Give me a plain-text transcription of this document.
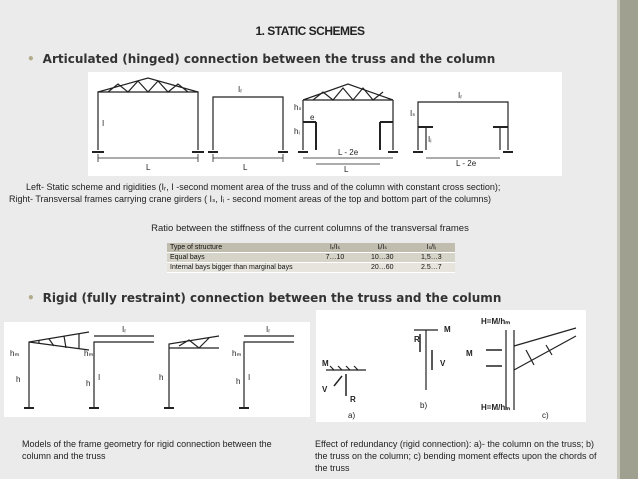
1. STATIC SCHEMES
• Articulated (hinged) connection between the truss and the column
L
I
Iᵣ
L
hₛ
hᵢ
L - 2e
L
e
Iᵣ
Iₛ
Iᵢ
L - 2e
Left- Static scheme and rigidities (Iᵣ, I -second moment area of the truss and of the column with constant cross section);
Right- Transversal frames carrying crane girders ( Iₛ, Iᵢ - second moment areas of the top and bottom part of the columns)
Ratio between the stiffness of the current columns of the transversal frames
Type of structure	Iᵣ/Iₛ	Iᵢ/Iₛ	Iₛ/Iᵢ
Equal bays	7…10	10…30	1,5…3
Internal bays bigger than marginal bays		20…60	2.5…7
• Rigid (fully restraint) connection between the truss and the column
hₘ
h
hₘ
h
Iᵣ
I	h
hₘ
h
Iᵣ
I
M
V
R
R
M
V
M
H=M/hₘ
H=M/hₘ
a)
b)
c)
Models of the frame geometry for rigid connection between the column and the truss
Effect of redundancy (rigid connection): a)- the column on the truss; b) the truss on the column; c) bending moment effects upon the chords of the truss
